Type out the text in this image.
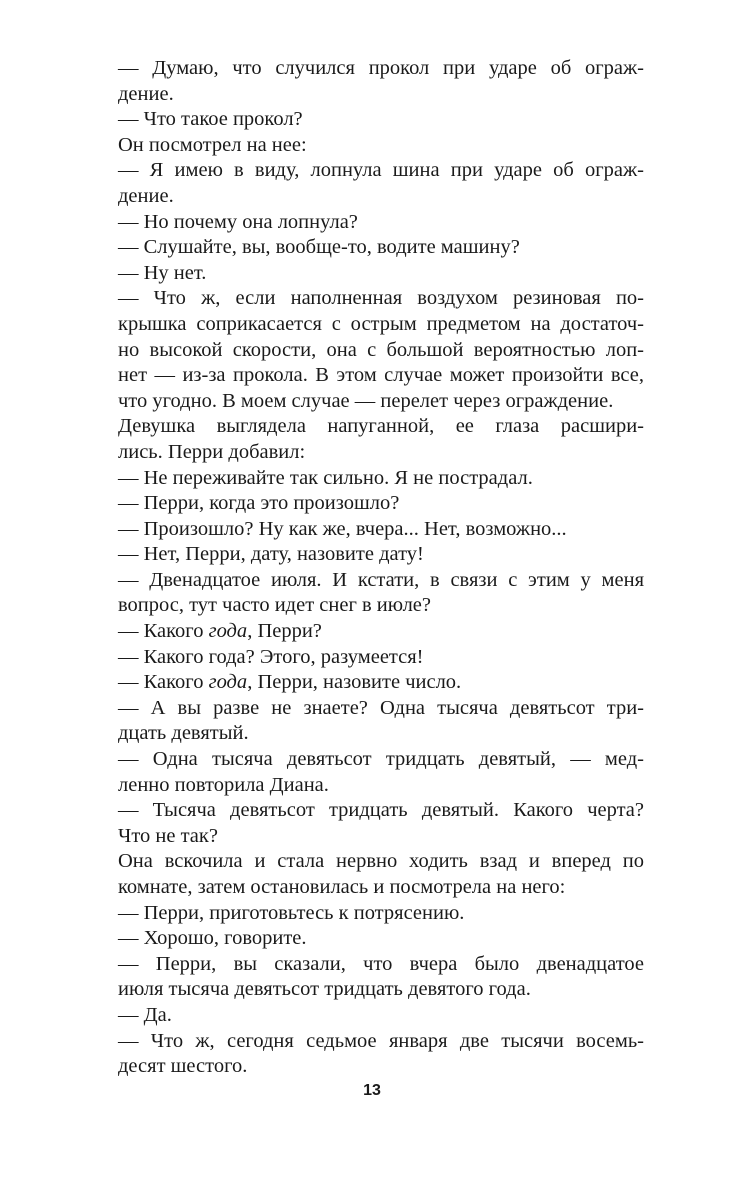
— Думаю, что случился прокол при ударе об ограж-
дение.
— Что такое прокол?
Он посмотрел на нее:
— Я имею в виду, лопнула шина при ударе об ограж-
дение.
— Но почему она лопнула?
— Слушайте, вы, вообще-то, водите машину?
— Ну нет.
— Что ж, если наполненная воздухом резиновая по-
крышка соприкасается с острым предметом на достаточ-
но высокой скорости, она с большой вероятностью лоп-
нет — из-за прокола. В этом случае может произойти все,
что угодно. В моем случае — перелет через ограждение.
Девушка выглядела напуганной, ее глаза расшири-
лись. Перри добавил:
— Не переживайте так сильно. Я не пострадал.
— Перри, когда это произошло?
— Произошло? Ну как же, вчера... Нет, возможно...
— Нет, Перри, дату, назовите дату!
— Двенадцатое июля. И кстати, в связи с этим у меня
вопрос, тут часто идет снег в июле?
— Какого года, Перри?
— Какого года? Этого, разумеется!
— Какого года, Перри, назовите число.
— А вы разве не знаете? Одна тысяча девятьсот три-
дцать девятый.
— Одна тысяча девятьсот тридцать девятый, — мед-
ленно повторила Диана.
— Тысяча девятьсот тридцать девятый. Какого черта?
Что не так?
Она вскочила и стала нервно ходить взад и вперед по
комнате, затем остановилась и посмотрела на него:
— Перри, приготовьтесь к потрясению.
— Хорошо, говорите.
— Перри, вы сказали, что вчера было двенадцатое
июля тысяча девятьсот тридцать девятого года.
— Да.
— Что ж, сегодня седьмое января две тысячи восемь-
десят шестого.
13
